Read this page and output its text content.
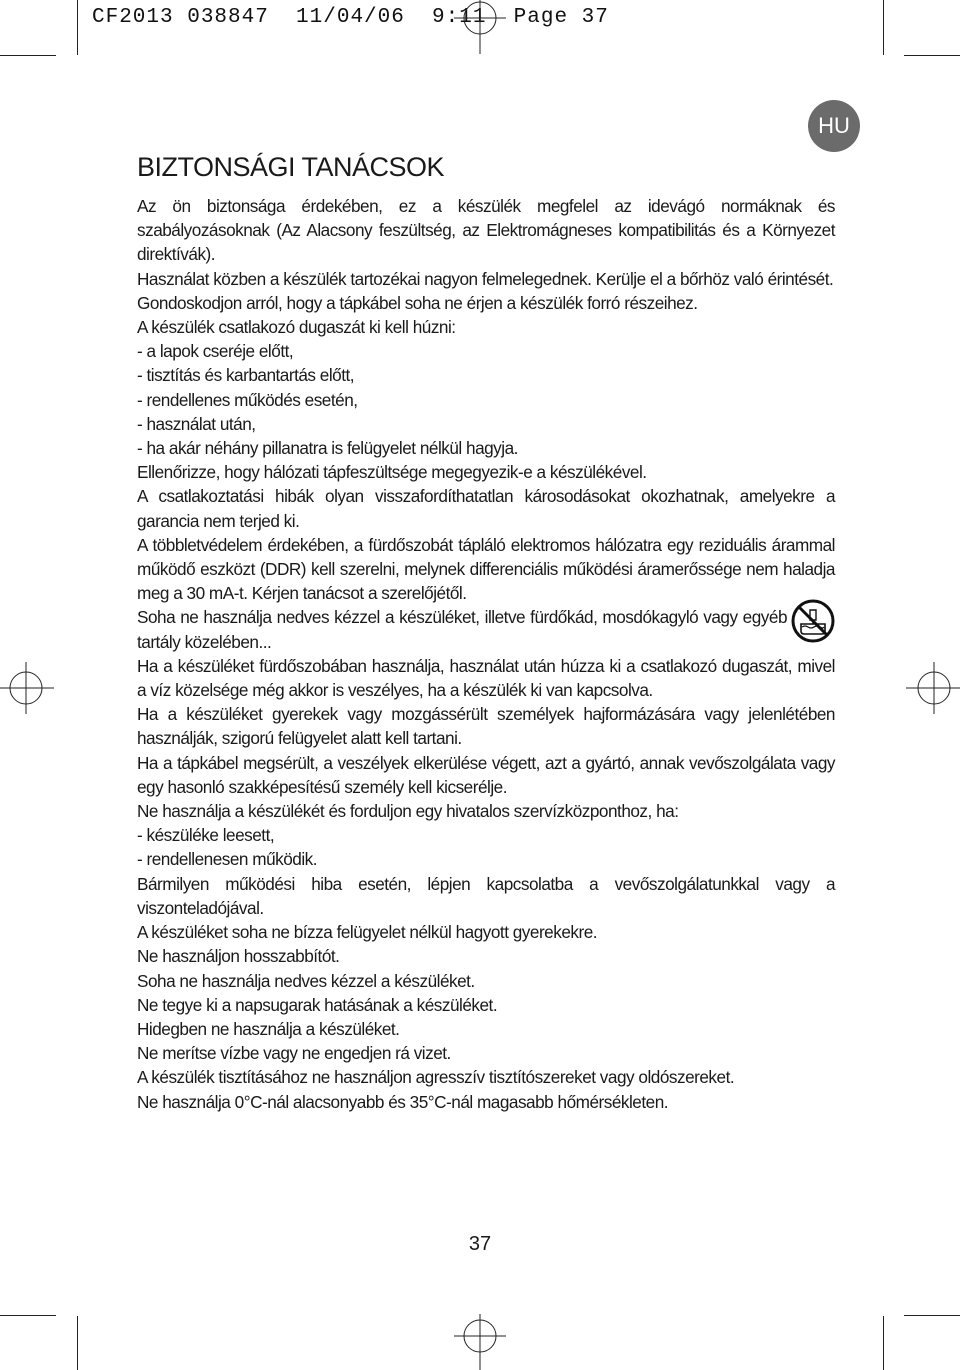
CF2013 038847  11/04/06  9:11  Page 37
HU
BIZTONSÁGI TANÁCSOK

Az ön biztonsága érdekében, ez a készülék megfelel az idevágó normáknak és szabályozásoknak (Az Alacsony feszültség, az Elektromágneses kompatibilitás és a Környezet direktívák).

Használat közben a készülék tartozékai nagyon felmelegednek. Kerülje el a bőrhöz való érintését.

Gondoskodjon arról, hogy a tápkábel soha ne érjen a készülék forró részeihez.

A készülék csatlakozó dugaszát ki kell húzni:

- a lapok cseréje előtt,

- tisztítás és karbantartás előtt,

- rendellenes működés esetén,

- használat után,

- ha akár néhány pillanatra is felügyelet nélkül hagyja.

Ellenőrizze, hogy hálózati tápfeszültsége megegyezik-e a készülékével.

A csatlakoztatási hibák olyan visszafordíthatatlan károsodásokat okozhatnak, amelyekre a garancia nem terjed ki.

A többletvédelem érdekében, a fürdőszobát tápláló elektromos hálózatra egy reziduális árammal működő eszközt (DDR) kell szerelni, melynek differenciális működési áramerőssége nem haladja meg a 30 mA-t. Kérjen tanácsot a szerelőjétől.

Soha ne használja nedves kézzel a készüléket, illetve fürdőkád, mosdókagyló vagy egyéb tartály közelében...

Ha a készüléket fürdőszobában használja, használat után húzza ki a csatlakozó dugaszát, mivel a víz közelsége még akkor is veszélyes, ha a készülék ki van kapcsolva.

Ha a készüléket gyerekek vagy mozgássérült személyek hajformázására vagy jelenlétében használják, szigorú felügyelet alatt kell tartani.

Ha a tápkábel megsérült, a veszélyek elkerülése végett, azt a gyártó, annak vevőszolgálata vagy egy hasonló szakképesítésű személy kell kicserélje.

Ne használja a készülékét és forduljon egy hivatalos szervízközponthoz, ha:

- készüléke leesett,

- rendellenesen működik.

Bármilyen működési hiba esetén, lépjen kapcsolatba a vevőszolgálatunkkal vagy a viszonteladójával.

A készüléket soha ne bízza felügyelet nélkül hagyott gyerekekre.

Ne használjon hosszabbítót.

Soha ne használja nedves kézzel a készüléket.

Ne tegye ki a napsugarak hatásának a készüléket.

Hidegben ne használja a készüléket.

Ne merítse vízbe vagy ne engedjen rá vizet.

A készülék tisztításához ne használjon agresszív tisztítószereket vagy oldószereket.

Ne használja 0°C-nál alacsonyabb és 35°C-nál magasabb hőmérsékleten.

37
